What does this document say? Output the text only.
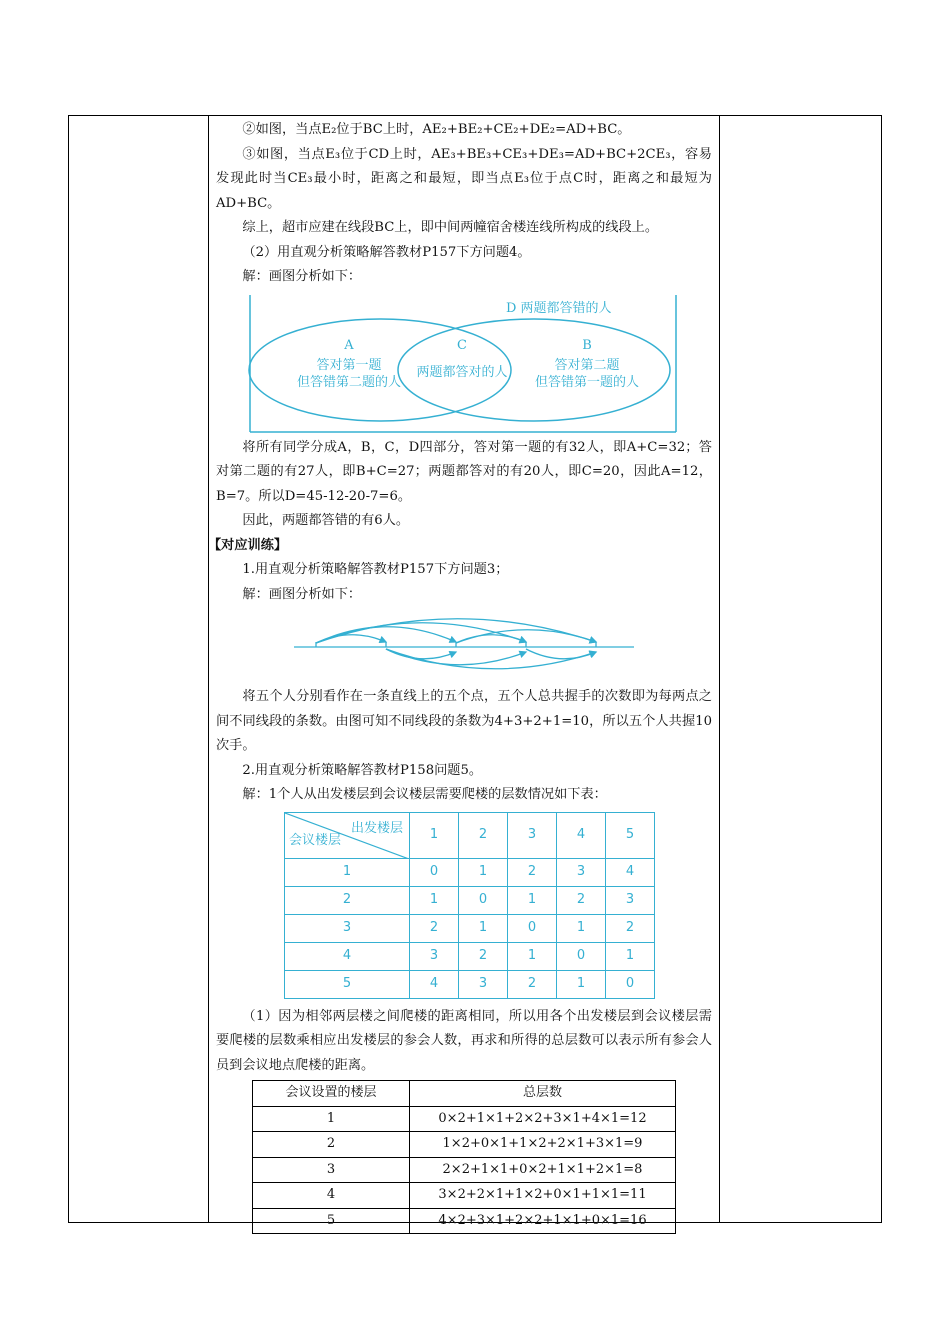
②如图，当点E₂位于BC上时，AE₂+BE₂+CE₂+DE₂=AD+BC。

③如图，当点E₃位于CD上时，AE₃+BE₃+CE₃+DE₃=AD+BC+2CE₃，容易发现此时当CE₃最小时，距离之和最短，即当点E₃位于点C时，距离之和最短为AD+BC。

综上，超市应建在线段BC上，即中间两幢宿舍楼连线所构成的线段上。

（2）用直观分析策略解答教材P157下方问题4。

解：画图分析如下：

D 两题都答错的人
A
答对第一题
但答错第二题的人
C
两题都答对的人
B
答对第二题
但答错第一题的人

将所有同学分成A，B，C，D四部分，答对第一题的有32人，即A+C=32；答对第二题的有27人，即B+C=27；两题都答对的有20人，即C=20，因此A=12，B=7。所以D=45-12-20-7=6。

因此，两题都答错的有6人。

【对应训练】

1.用直观分析策略解答教材P157下方问题3；

解：画图分析如下：

将五个人分别看作在一条直线上的五个点，五个人总共握手的次数即为每两点之间不同线段的条数。由图可知不同线段的条数为4+3+2+1=10，所以五个人共握10次手。

2.用直观分析策略解答教材P158问题5。

解：1个人从出发楼层到会议楼层需要爬楼的层数情况如下表：

出发楼层
会议楼层	1	2	3	4	5
1	0	1	2	3	4
2	1	0	1	2	3
3	2	1	0	1	2
4	3	2	1	0	1
5	4	3	2	1	0

（1）因为相邻两层楼之间爬楼的距离相同，所以用各个出发楼层到会议楼层需要爬楼的层数乘相应出发楼层的参会人数，再求和所得的总层数可以表示所有参会人员到会议地点爬楼的距离。

会议设置的楼层	总层数
1	0×2+1×1+2×2+3×1+4×1=12
2	1×2+0×1+1×2+2×1+3×1=9
3	2×2+1×1+0×2+1×1+2×1=8
4	3×2+2×1+1×2+0×1+1×1=11
5	4×2+3×1+2×2+1×1+0×1=16
